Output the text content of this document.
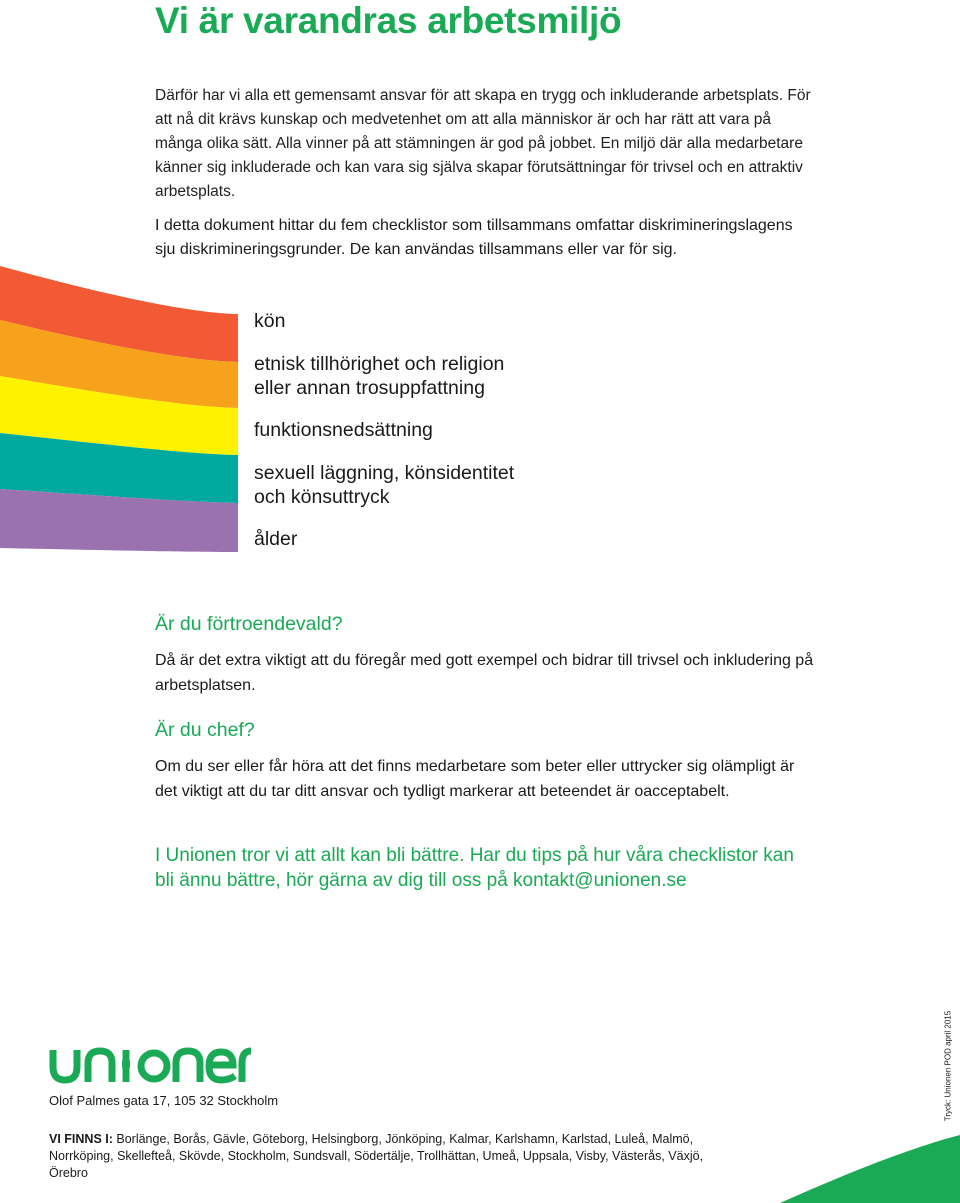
Vi är varandras arbetsmiljö

Därför har vi alla ett gemensamt ansvar för att skapa en trygg och inkluderande arbetsplats. För att nå dit krävs kunskap och medvetenhet om att alla människor är och har rätt att vara på många olika sätt. Alla vinner på att stämningen är god på jobbet. En miljö där alla medarbetare känner sig inkluderade och kan vara sig själva skapar förutsättningar för trivsel och en attraktiv arbetsplats.

I detta dokument hittar du fem checklistor som tillsammans omfattar diskrimineringslagens sju diskrimineringsgrunder. De kan användas tillsammans eller var för sig.

kön
etnisk tillhörighet och religion
eller annan trosuppfattning
funktionsnedsättning
sexuell läggning, könsidentitet
och könsuttryck
ålder
Är du förtroendevald?

Då är det extra viktigt att du föregår med gott exempel och bidrar till trivsel och inkludering på arbetsplatsen.

Är du chef?

Om du ser eller får höra att det finns medarbetare som beter eller uttrycker sig olämpligt är det viktigt att du tar ditt ansvar och tydligt markerar att beteendet är oacceptabelt.

I Unionen tror vi att allt kan bli bättre. Har du tips på hur våra checklistor kan bli ännu bättre, hör gärna av dig till oss på kontakt@unionen.se

Olof Palmes gata 17, 105 32 Stockholm	Tryck: Unionen POD april 2015

VI FINNS I: Borlänge, Borås, Gävle, Göteborg, Helsingborg, Jönköping, Kalmar, Karlshamn, Karlstad, Luleå, Malmö, Norrköping, Skellefteå, Skövde, Stockholm, Sundsvall, Södertälje, Trollhättan, Umeå, Uppsala, Visby, Västerås, Växjö, Örebro
